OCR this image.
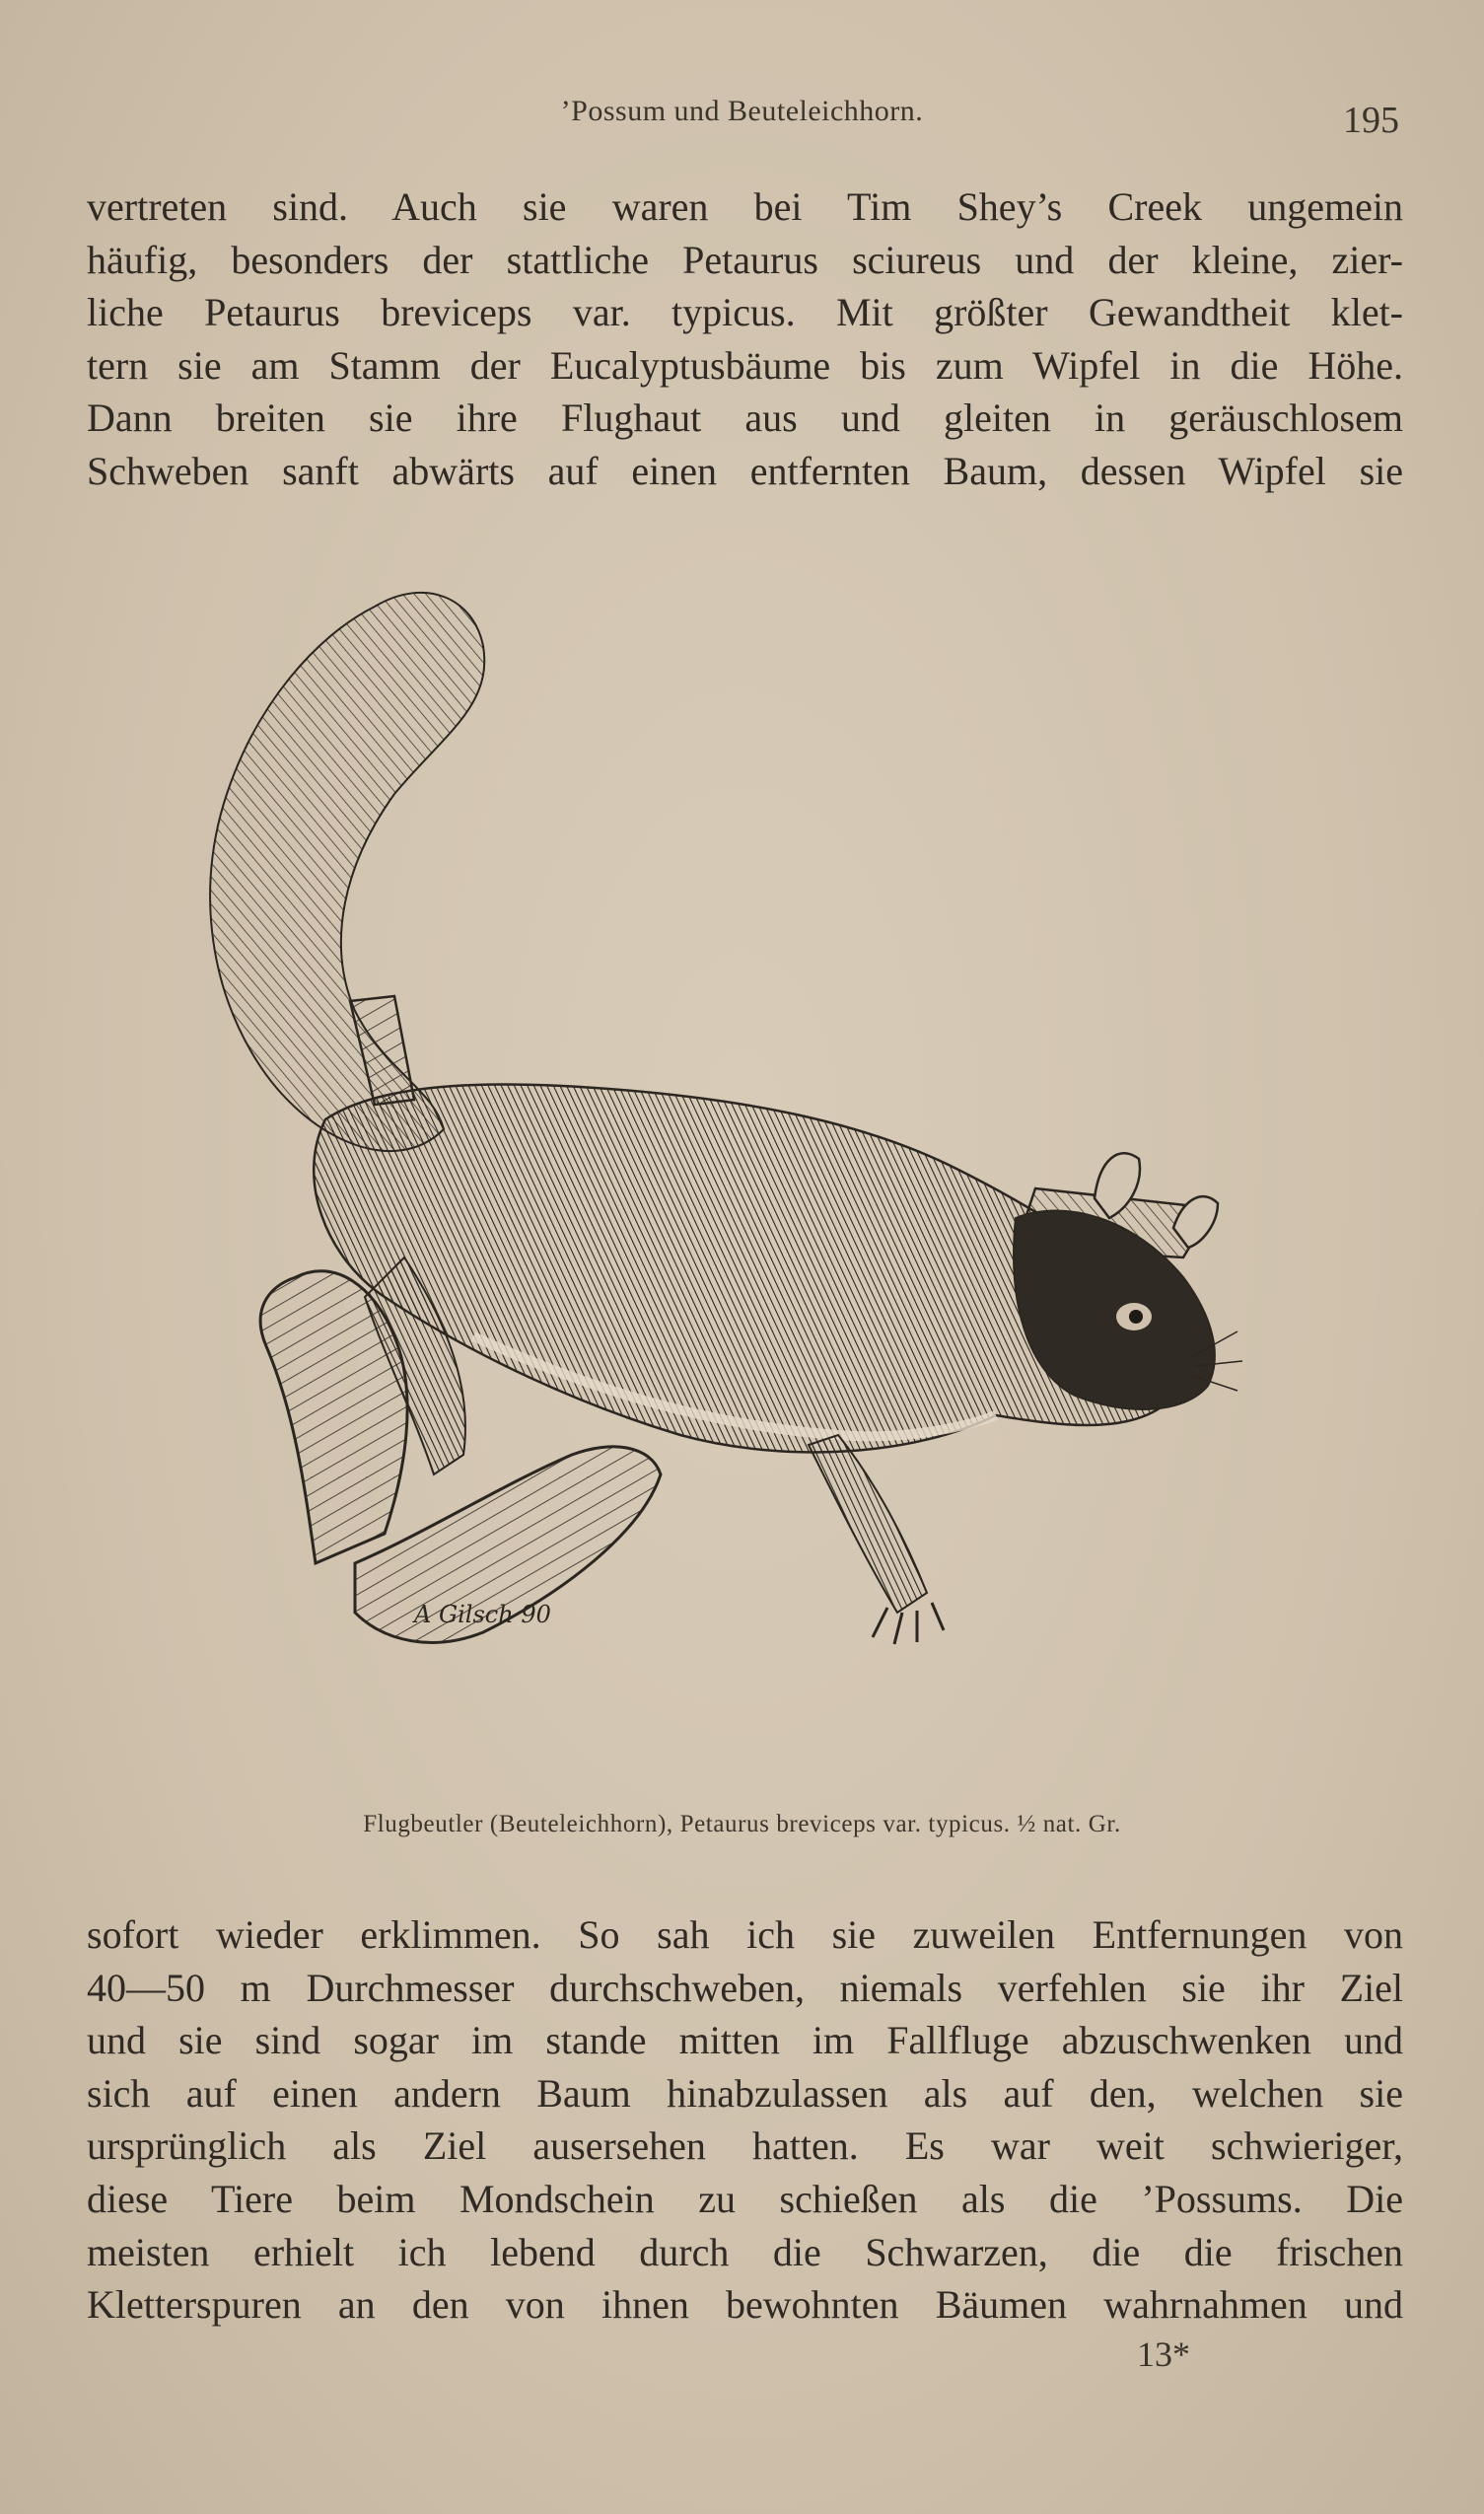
’Possum und Beuteleichhorn.	195
vertreten sind. Auch sie waren bei Tim Shey’s Creek ungemein
häufig, besonders der stattliche Petaurus sciureus und der kleine, zier-
liche Petaurus breviceps var. typicus. Mit größter Gewandtheit klet-
tern sie am Stamm der Eucalyptusbäume bis zum Wipfel in die Höhe.
Dann breiten sie ihre Flughaut aus und gleiten in geräuschlosem
Schweben sanft abwärts auf einen entfernten Baum, dessen Wipfel sie
A Gilsch 90
Flugbeutler (Beuteleichhorn), Petaurus breviceps var. typicus. ½ nat. Gr.
sofort wieder erklimmen. So sah ich sie zuweilen Entfernungen von
40—50 m Durchmesser durchschweben, niemals verfehlen sie ihr Ziel
und sie sind sogar im stande mitten im Fallfluge abzuschwenken und
sich auf einen andern Baum hinabzulassen als auf den, welchen sie
ursprünglich als Ziel ausersehen hatten. Es war weit schwieriger,
diese Tiere beim Mondschein zu schießen als die ’Possums. Die
meisten erhielt ich lebend durch die Schwarzen, die die frischen
Kletterspuren an den von ihnen bewohnten Bäumen wahrnahmen und
13*
